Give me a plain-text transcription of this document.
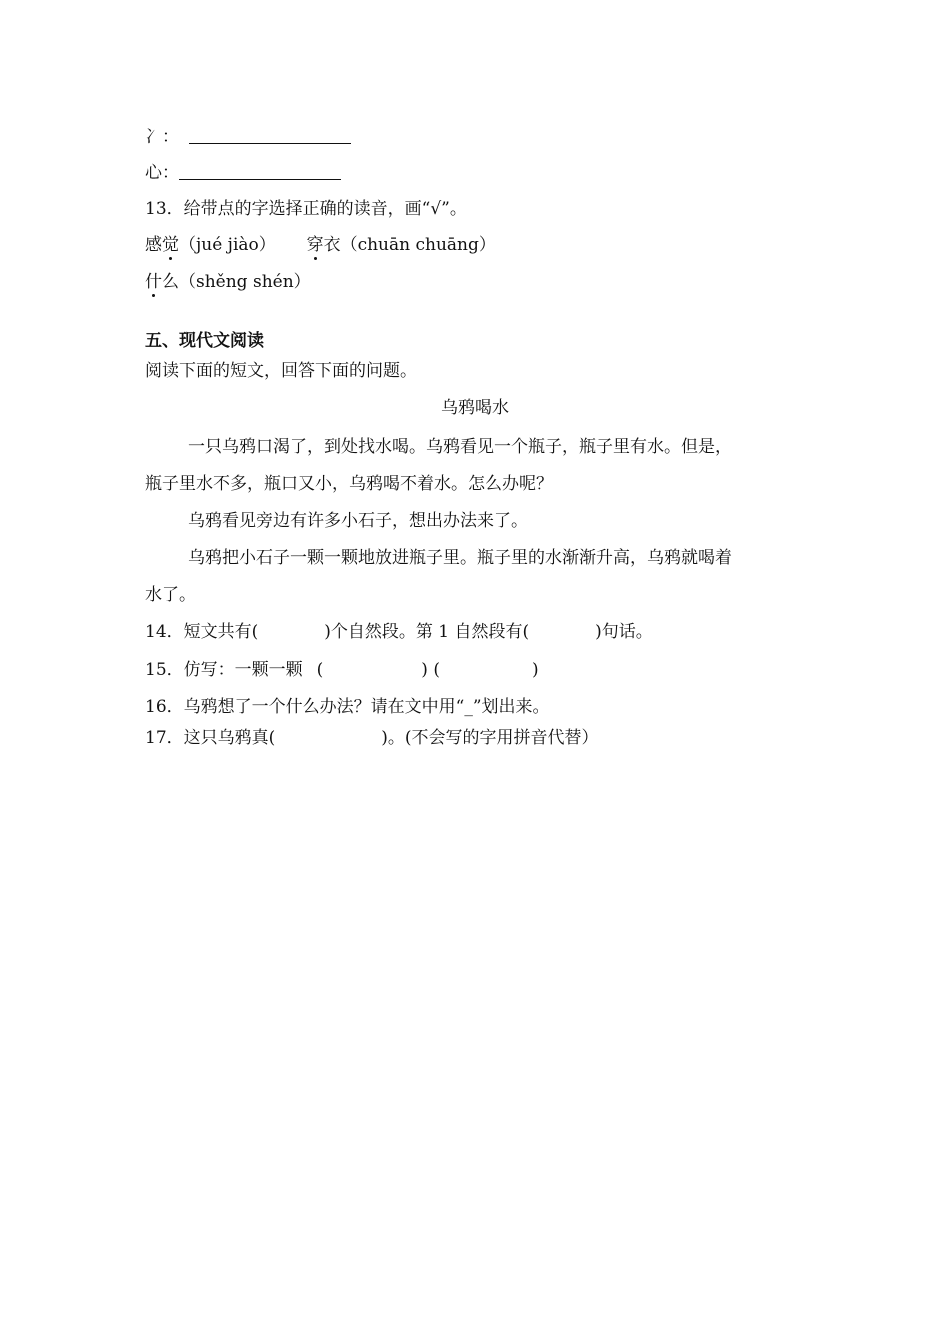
冫：
心：
13．给带点的字选择正确的读音，画“√”。
感觉（jué jiào） 穿衣（chuān chuāng）
什么（shěng shén）
五、现代文阅读
阅读下面的短文，回答下面的问题。
乌鸦喝水
一只乌鸦口渴了，到处找水喝。乌鸦看见一个瓶子，瓶子里有水。但是，
瓶子里水不多，瓶口又小，乌鸦喝不着水。怎么办呢？
乌鸦看见旁边有许多小石子，想出办法来了。
乌鸦把小石子一颗一颗地放进瓶子里。瓶子里的水渐渐升高，乌鸦就喝着
水了。
14．短文共有(	)个自然段。第 1 自然段有(	)句话。
15．仿写：一颗一颗 (	) (	)
16．乌鸦想了一个什么办法？请在文中用“_”划出来。
17．这只乌鸦真(	)。(不会写的字用拼音代替）
